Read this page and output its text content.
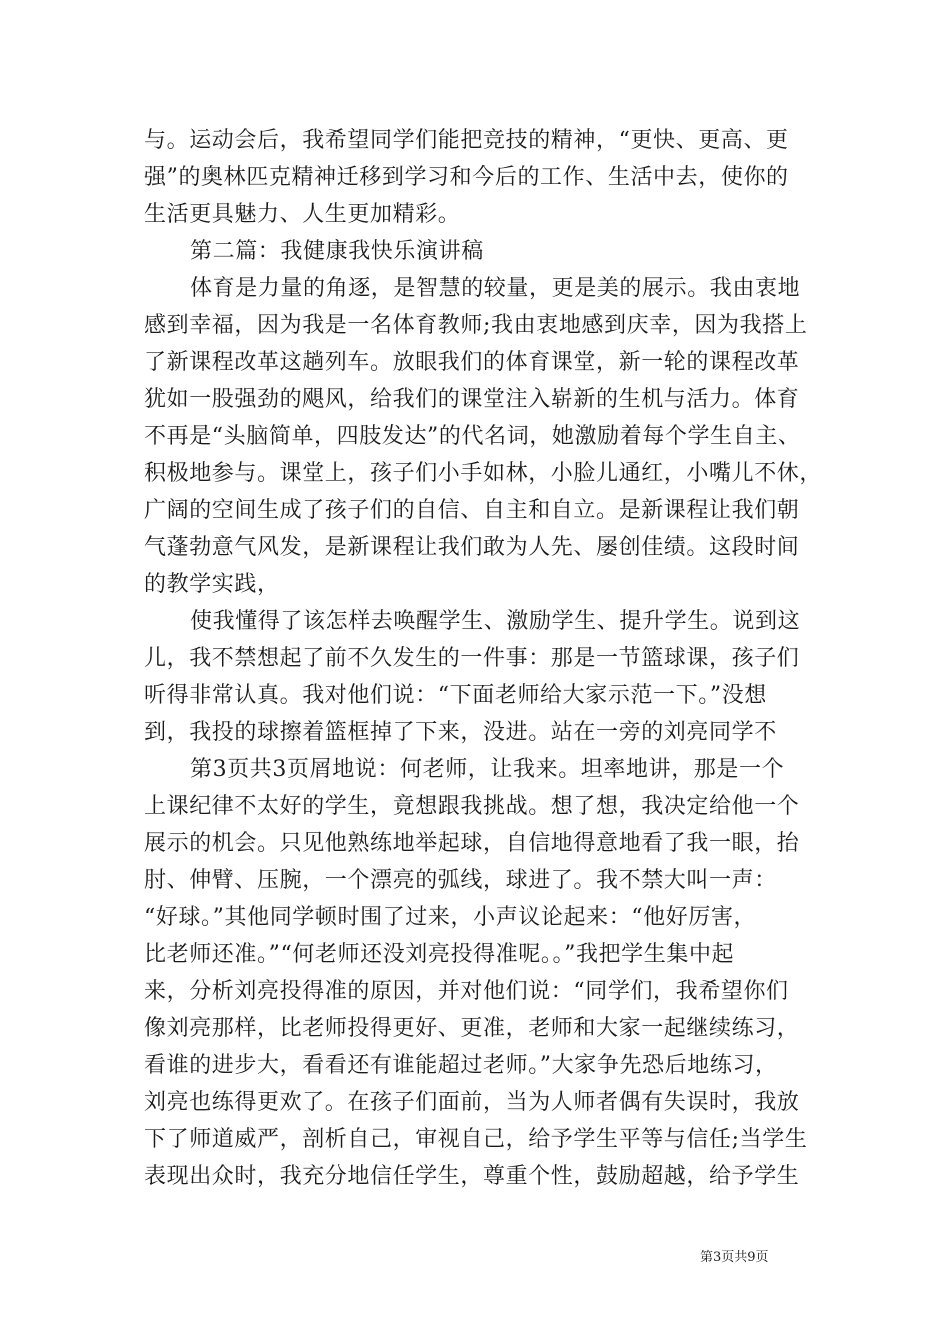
与。运动会后，我希望同学们能把竞技的精神，“更快、更高、更
强”的奥林匹克精神迁移到学习和今后的工作、生活中去，使你的
生活更具魅力、人生更加精彩。
第二篇：我健康我快乐演讲稿
体育是力量的角逐，是智慧的较量，更是美的展示。我由衷地
感到幸福，因为我是一名体育教师;我由衷地感到庆幸，因为我搭上
了新课程改革这趟列车。放眼我们的体育课堂，新一轮的课程改革
犹如一股强劲的飓风，给我们的课堂注入崭新的生机与活力。体育
不再是“头脑简单，四肢发达”的代名词，她激励着每个学生自主、
积极地参与。课堂上，孩子们小手如林，小脸儿通红，小嘴儿不休，
广阔的空间生成了孩子们的自信、自主和自立。是新课程让我们朝
气蓬勃意气风发，是新课程让我们敢为人先、屡创佳绩。这段时间
的教学实践，
使我懂得了该怎样去唤醒学生、激励学生、提升学生。说到这
儿，我不禁想起了前不久发生的一件事：那是一节篮球课，孩子们
听得非常认真。我对他们说：“下面老师给大家示范一下。”没想
到，我投的球擦着篮框掉了下来，没进。站在一旁的刘亮同学不
第3页共3页屑地说：何老师，让我来。坦率地讲，那是一个
上课纪律不太好的学生，竟想跟我挑战。想了想，我决定给他一个
展示的机会。只见他熟练地举起球，自信地得意地看了我一眼，抬
肘、伸臂、压腕，一个漂亮的弧线，球进了。我不禁大叫一声：
“好球。”其他同学顿时围了过来，小声议论起来：“他好厉害，
比老师还准。”“何老师还没刘亮投得准呢。。”我把学生集中起
来，分析刘亮投得准的原因，并对他们说：“同学们，我希望你们
像刘亮那样，比老师投得更好、更准，老师和大家一起继续练习，
看谁的进步大，看看还有谁能超过老师。”大家争先恐后地练习，
刘亮也练得更欢了。在孩子们面前，当为人师者偶有失误时，我放
下了师道威严，剖析自己，审视自己，给予学生平等与信任;当学生
表现出众时，我充分地信任学生，尊重个性，鼓励超越，给予学生
第3页共9页
